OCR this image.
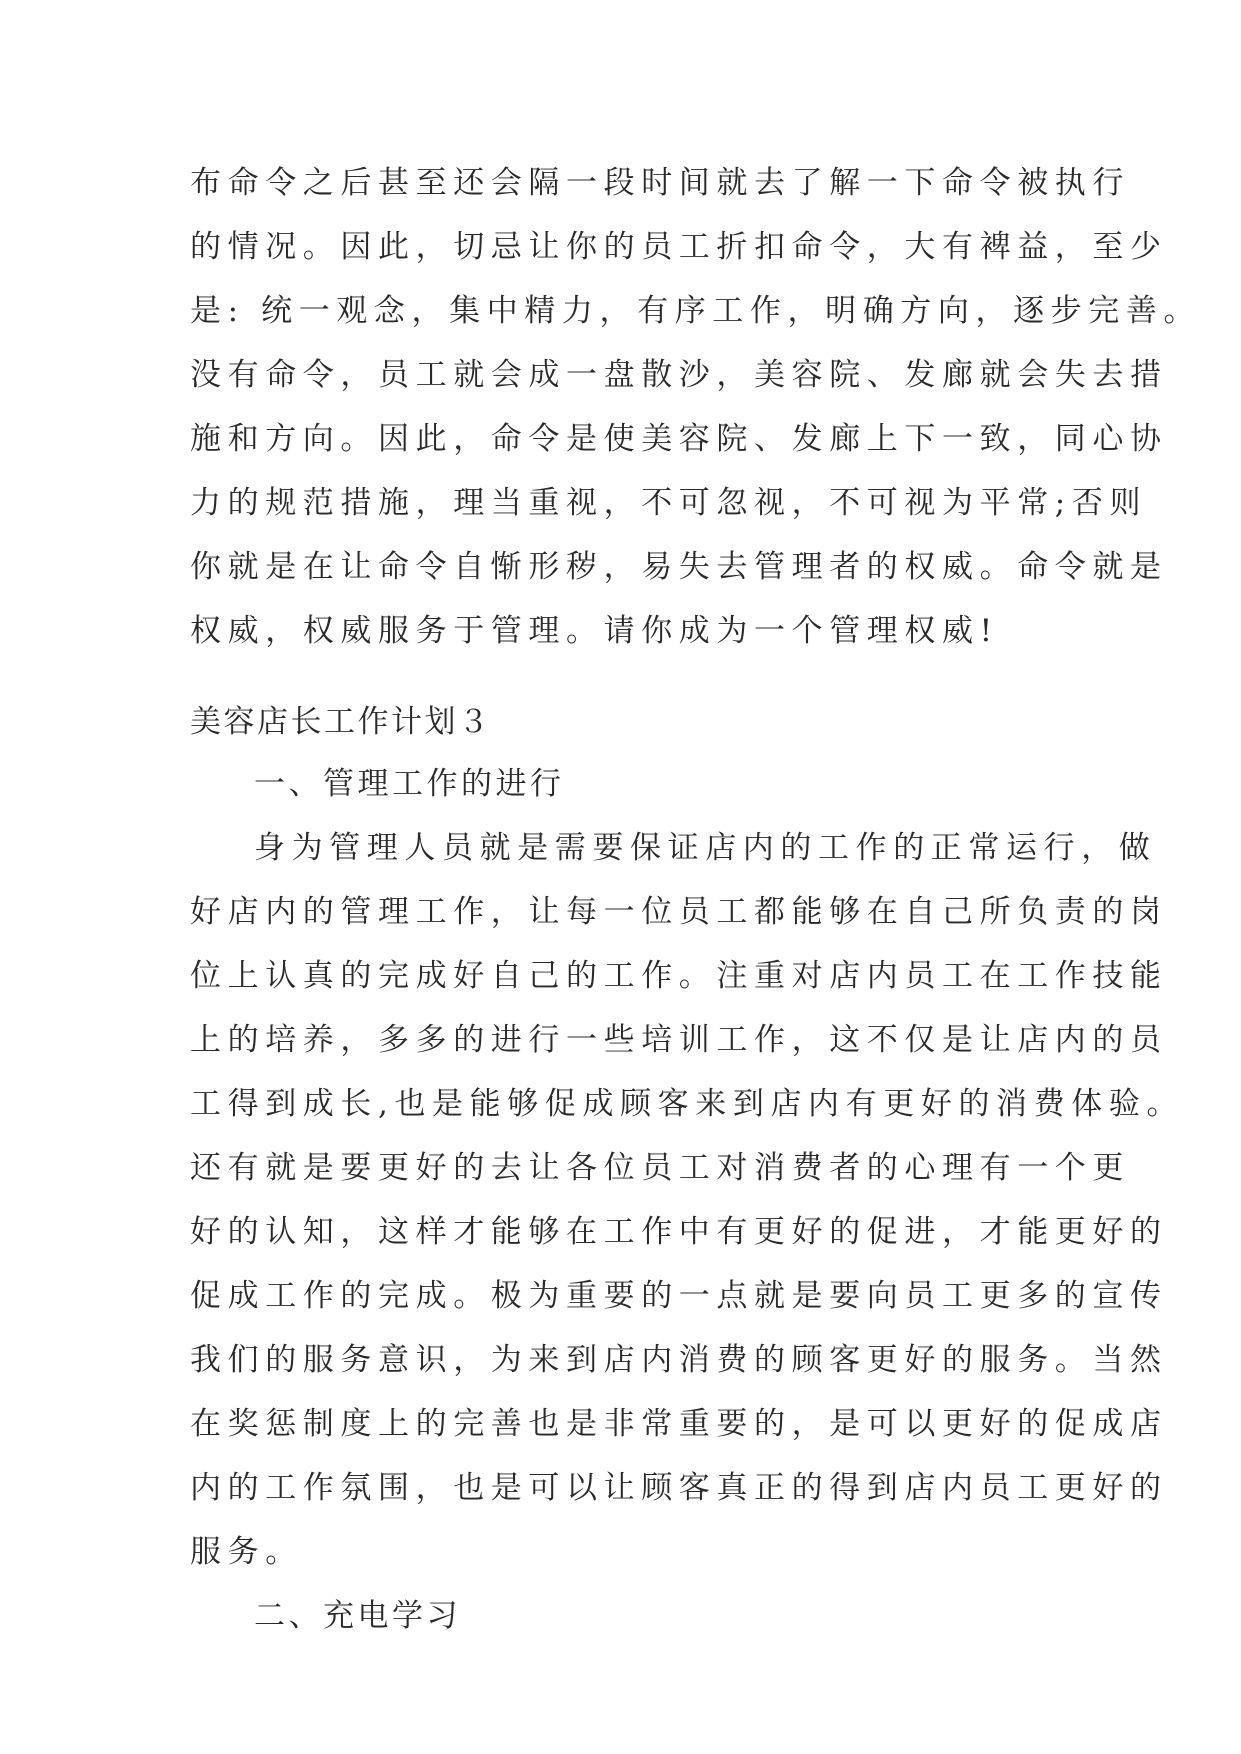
布命令之后甚至还会隔一段时间就去了解一下命令被执行

的情况。因此，切忌让你的员工折扣命令，大有裨益，至少

是: 统一观念，集中精力，有序工作，明确方向，逐步完善。

没有命令，员工就会成一盘散沙，美容院、发廊就会失去措

施和方向。因此，命令是使美容院、发廊上下一致，同心协

力的规范措施，理当重视，不可忽视，不可视为平常;否则

你就是在让命令自惭形秽，易失去管理者的权威。命令就是

权威，权威服务于管理。请你成为一个管理权威!

美容店长工作计划３
一、管理工作的进行

身为管理人员就是需要保证店内的工作的正常运行，做

好店内的管理工作，让每一位员工都能够在自己所负责的岗

位上认真的完成好自己的工作。注重对店内员工在工作技能

上的培养，多多的进行一些培训工作，这不仅是让店内的员

工得到成长,也是能够促成顾客来到店内有更好的消费体验。

还有就是要更好的去让各位员工对消费者的心理有一个更

好的认知，这样才能够在工作中有更好的促进，才能更好的

促成工作的完成。极为重要的一点就是要向员工更多的宣传

我们的服务意识，为来到店内消费的顾客更好的服务。当然

在奖惩制度上的完善也是非常重要的，是可以更好的促成店

内的工作氛围，也是可以让顾客真正的得到店内员工更好的

服务。

二、充电学习
